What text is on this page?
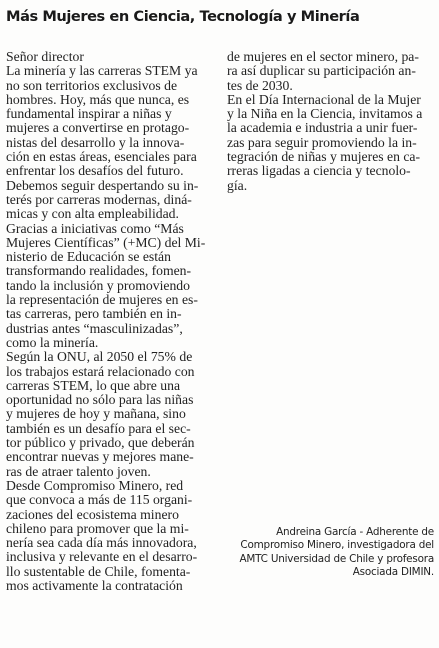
Más Mujeres en Ciencia, Tecnología y Minería
Señor director
La minería y las carreras STEM ya
no son territorios exclusivos de
hombres. Hoy, más que nunca, es
fundamental inspirar a niñas y
mujeres a convertirse en protago-
nistas del desarrollo y la innova-
ción en estas áreas, esenciales para
enfrentar los desafíos del futuro.
Debemos seguir despertando su in-
terés por carreras modernas, diná-
micas y con alta empleabilidad.
Gracias a iniciativas como “Más
Mujeres Científicas” (+MC) del Mi-
nisterio de Educación se están
transformando realidades, fomen-
tando la inclusión y promoviendo
la representación de mujeres en es-
tas carreras, pero también en in-
dustrias antes “masculinizadas”,
como la minería.
Según la ONU, al 2050 el 75% de
los trabajos estará relacionado con
carreras STEM, lo que abre una
oportunidad no sólo para las niñas
y mujeres de hoy y mañana, sino
también es un desafío para el sec-
tor público y privado, que deberán
encontrar nuevas y mejores mane-
ras de atraer talento joven.
Desde Compromiso Minero, red
que convoca a más de 115 organi-
zaciones del ecosistema minero
chileno para promover que la mi-
nería sea cada día más innovadora,
inclusiva y relevante en el desarro-
llo sustentable de Chile, fomenta-
mos activamente la contratación
de mujeres en el sector minero, pa-
ra así duplicar su participación an-
tes de 2030.
En el Día Internacional de la Mujer
y la Niña en la Ciencia, invitamos a
la academia e industria a unir fuer-
zas para seguir promoviendo la in-
tegración de niñas y mujeres en ca-
rreras ligadas a ciencia y tecnolo-
gía.
Andreina García - Adherente de
Compromiso Minero, investigadora del
AMTC Universidad de Chile y profesora
Asociada DIMIN.
